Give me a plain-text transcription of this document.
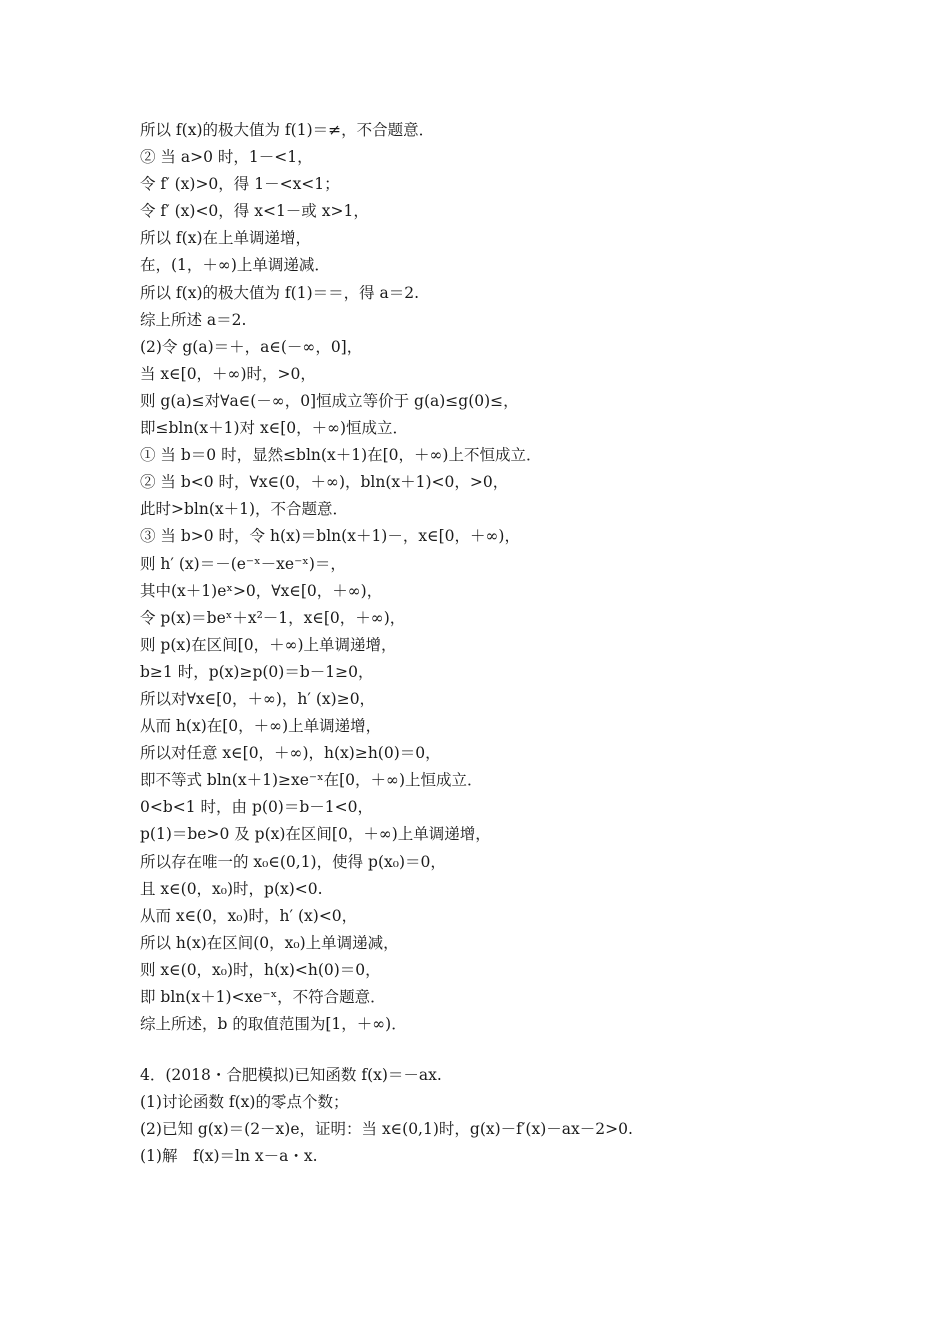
所以 f(x)的极大值为 f(1)＝≠，不合题意．
② 当 a>0 时，1－<1，
令 f′ (x)>0，得 1－<x<1；
令 f′ (x)<0，得 x<1－或 x>1，
所以 f(x)在上单调递增，
在，(1，＋∞)上单调递减．
所以 f(x)的极大值为 f(1)＝＝，得 a＝2.
综上所述 a＝2.
(2)令 g(a)＝＋，a∈(－∞，0]，
当 x∈[0，＋∞)时，>0，
则 g(a)≤对∀a∈(－∞，0]恒成立等价于 g(a)≤g(0)≤，
即≤bln(x＋1)对 x∈[0，＋∞)恒成立．
① 当 b＝0 时，显然≤bln(x＋1)在[0，＋∞)上不恒成立．
② 当 b<0 时，∀x∈(0，＋∞)，bln(x＋1)<0，>0，
此时>bln(x＋1)，不合题意．
③ 当 b>0 时，令 h(x)＝bln(x＋1)－，x∈[0，＋∞)，
则 h′ (x)＝－(e⁻ˣ－xe⁻ˣ)＝，
其中(x＋1)eˣ>0，∀x∈[0，＋∞)，
令 p(x)＝beˣ＋x²－1，x∈[0，＋∞)，
则 p(x)在区间[0，＋∞)上单调递增，
b≥1 时，p(x)≥p(0)＝b－1≥0，
所以对∀x∈[0，＋∞)，h′ (x)≥0，
从而 h(x)在[0，＋∞)上单调递增，
所以对任意 x∈[0，＋∞)，h(x)≥h(0)＝0，
即不等式 bln(x＋1)≥xe⁻ˣ在[0，＋∞)上恒成立．
0<b<1 时，由 p(0)＝b－1<0，
p(1)＝be>0 及 p(x)在区间[0，＋∞)上单调递增，
所以存在唯一的 x₀∈(0,1)，使得 p(x₀)＝0，
且 x∈(0，x₀)时，p(x)<0.
从而 x∈(0，x₀)时，h′ (x)<0，
所以 h(x)在区间(0，x₀)上单调递减，
则 x∈(0，x₀)时，h(x)<h(0)＝0，
即 bln(x＋1)<xe⁻ˣ，不符合题意．
综上所述，b 的取值范围为[1，＋∞)．
4．(2018・合肥模拟)已知函数 f(x)＝－ax.
(1)讨论函数 f(x)的零点个数；
(2)已知 g(x)＝(2－x)e，证明：当 x∈(0,1)时，g(x)－f′(x)－ax－2>0.
(1)解　f(x)＝ln x－a・x.
